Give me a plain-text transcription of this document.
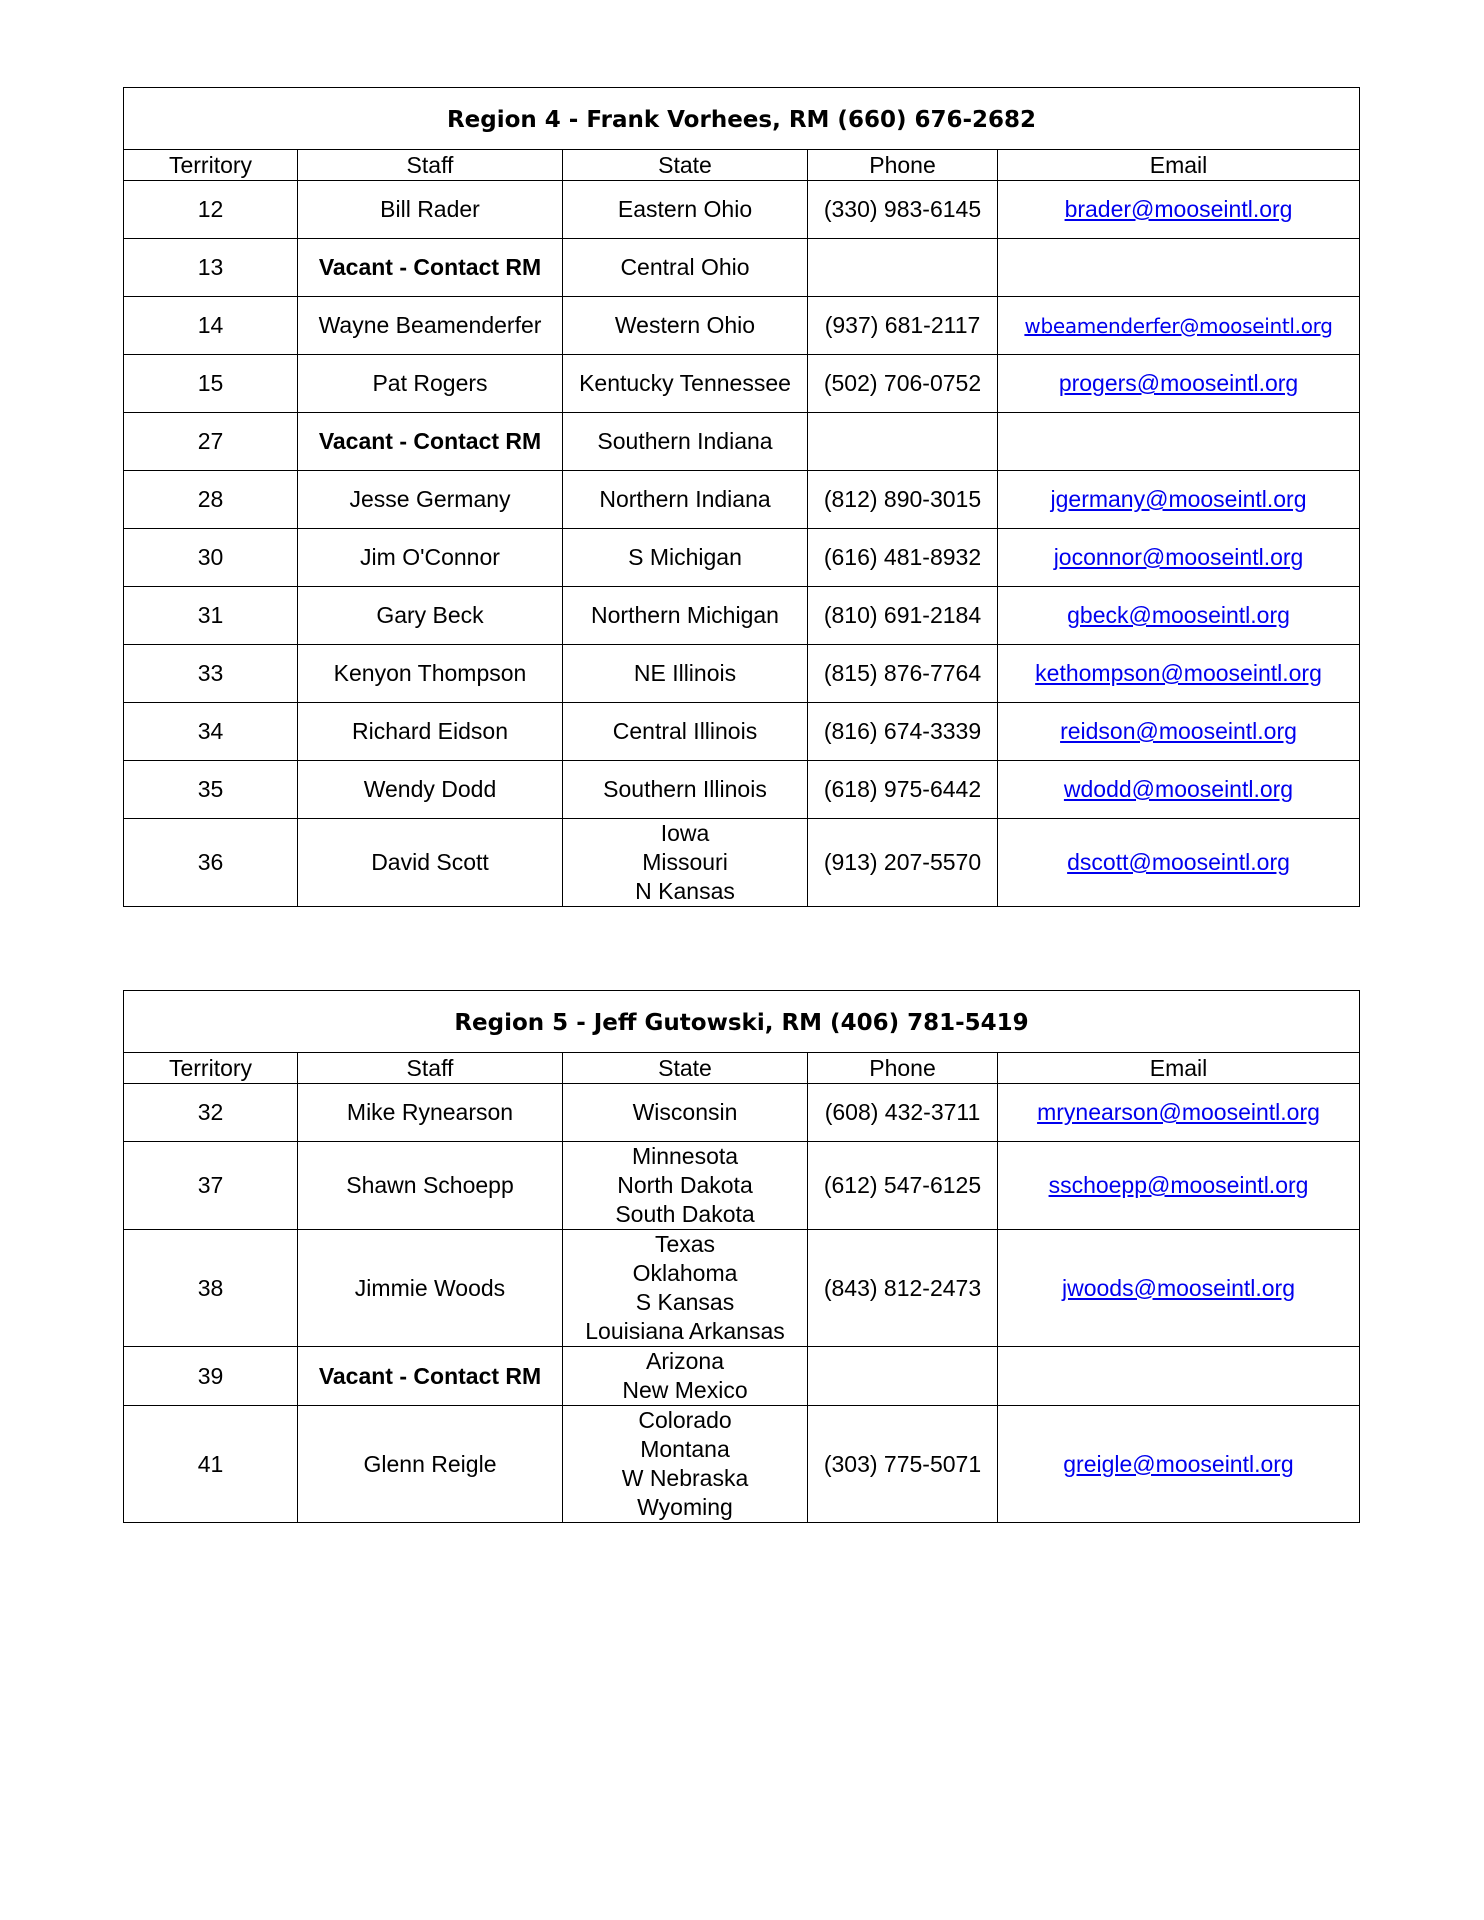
Region 4 - Frank Vorhees, RM (660) 676-2682				
Territory	Staff	State	Phone	Email
12	Bill Rader	Eastern Ohio	(330) 983-6145	brader@mooseintl.org
13	Vacant - Contact RM	Central Ohio		

14	Wayne Beamenderfer	Western Ohio	(937) 681-2117	wbeamenderfer@mooseintl.org
15	Pat Rogers	Kentucky Tennessee	(502) 706-0752	progers@mooseintl.org
27	Vacant - Contact RM	Southern Indiana		

28	Jesse Germany	Northern Indiana	(812) 890-3015	jgermany@mooseintl.org
30	Jim O'Connor	S Michigan	(616) 481-8932	joconnor@mooseintl.org
31	Gary Beck	Northern Michigan	(810) 691-2184	gbeck@mooseintl.org
33	Kenyon Thompson	NE Illinois	(815) 876-7764	kethompson@mooseintl.org
34	Richard Eidson	Central Illinois	(816) 674-3339	reidson@mooseintl.org
35	Wendy Dodd	Southern Illinois	(618) 975-6442	wdodd@mooseintl.org
36	David Scott	Iowa
Missouri
N Kansas	(913) 207-5570	dscott@mooseintl.org
Region 5 - Jeff Gutowski, RM (406) 781-5419				
Territory	Staff	State	Phone	Email
32	Mike Rynearson	Wisconsin	(608) 432-3711	mrynearson@mooseintl.org
37	Shawn Schoepp	Minnesota
North Dakota
South Dakota	(612) 547-6125	sschoepp@mooseintl.org
38	Jimmie Woods	Texas
Oklahoma
S Kansas
Louisiana Arkansas	(843) 812-2473	jwoods@mooseintl.org
39	Vacant - Contact RM	Arizona
New Mexico		

41	Glenn Reigle	Colorado
Montana
W Nebraska
Wyoming	(303) 775-5071	greigle@mooseintl.org
